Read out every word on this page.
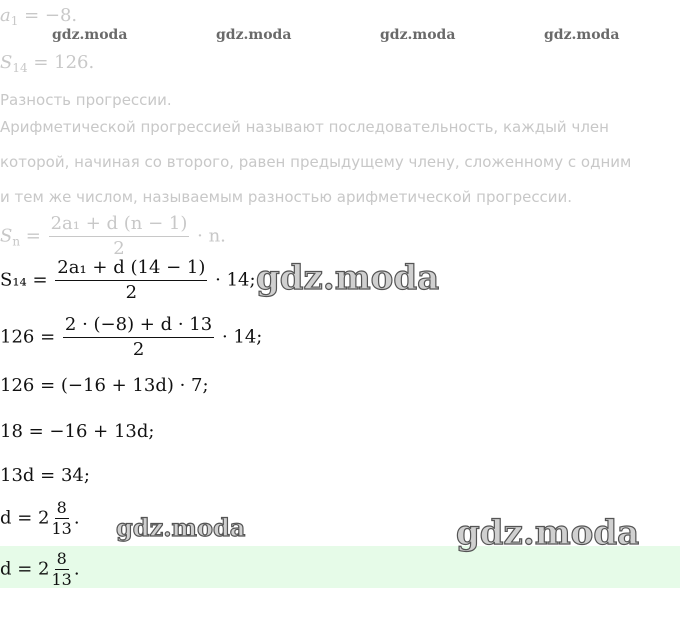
$a_1 = -8$.
$S_{14} = 126$.
Разность прогрессии.
Арифметической прогрессией называют последовательность, каждый член
которой, начиная со второго, равен предыдущему члену, сложенному с одним
и тем же числом, называемым разностью арифметической прогрессии.
$S_n = \frac{\text{2a₁ + d (n − 1)}}{2} \cdot n$.
$S_{14} = \frac{\text{2a₁ + d (14 − 1)}}{2} \cdot 14$;
$126 = \frac{2 \cdot (-8) + d \cdot 13}{2} \cdot 14$;
126 = (−16 + 13d) · 7;
18 = −16 + 13d;
13d = 34;
$d = 2 \frac{8}{13}$ .
$d = 2 \frac{8}{13}$ .
gdz.moda	gdz.moda	gdz.moda	gdz.moda
gdz.moda
gdz.moda	gdz.moda
